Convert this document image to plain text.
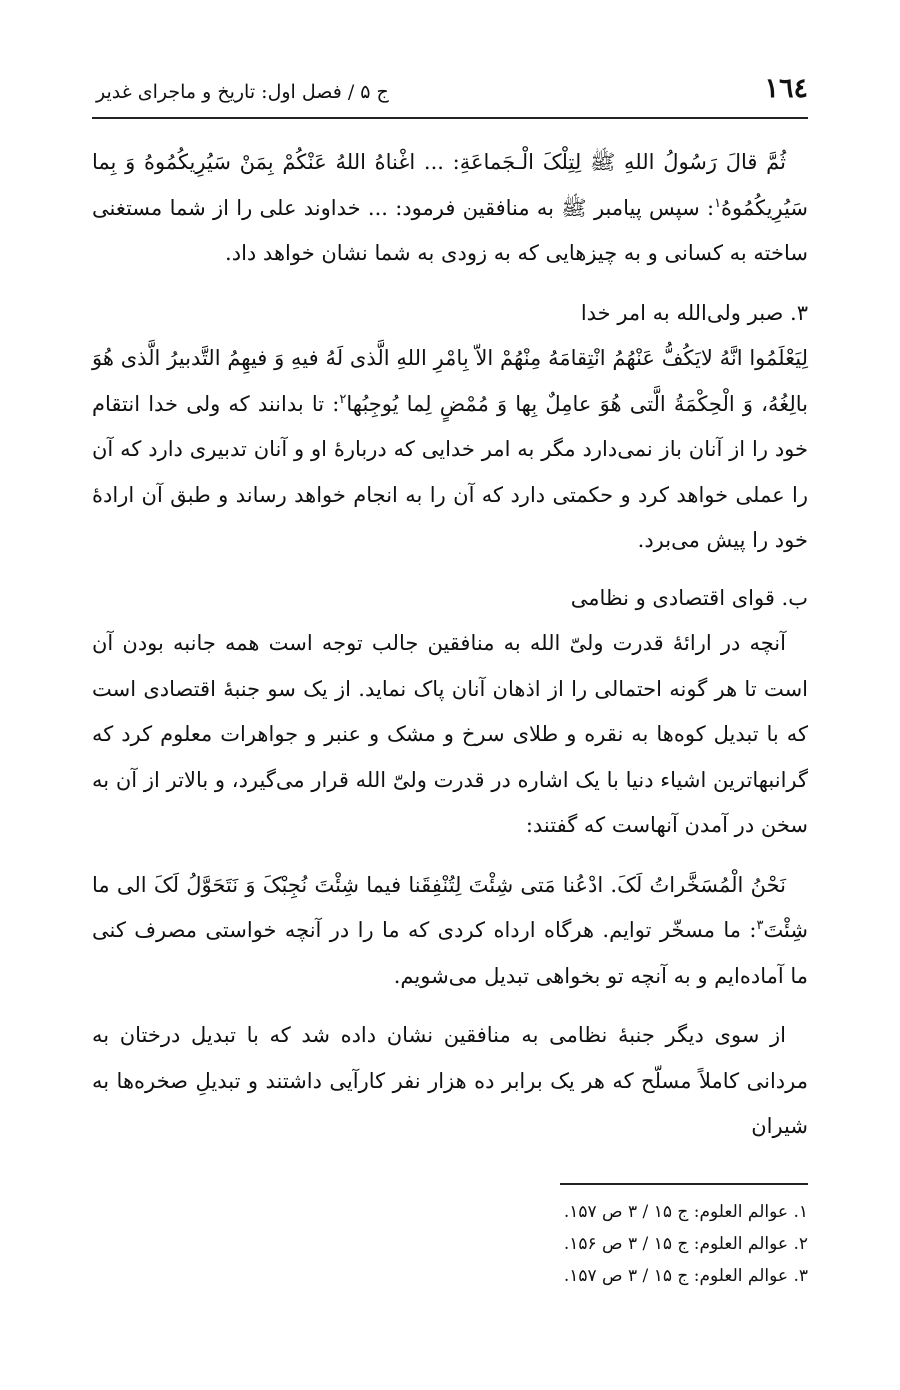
١٦٤
ج ۵ / فصل اول: تاریخ و ماجرای غدیر

ثُمَّ قالَ رَسُولُ اللهِ ﷺ لِتِلْکَ الْـجَماعَةِ: ... اغْناهُ اللهُ عَنْکُمْ بِمَنْ سَیُرِیکُمُوهُ وَ بِما سَیُرِیکُمُوهُ$^۱$: سپس پیامبر ﷺ به منافقین فرمود: ... خداوند علی را از شما مستغنی ساخته به کسانی و به چیزهایی که به زودی به شما نشان خواهد داد.

۳. صبر ولی‌الله به امر خدا

لِیَعْلَمُوا انَّهُ لایَکُفُّ عَنْهُمُ انْتِقامَهُ مِنْهُمْ الاّ بِامْرِ اللهِ الَّذی لَهُ فیهِ وَ فیهِمُ التَّدبیرُ الَّذی هُوَ بالِغُهُ، وَ الْحِکْمَةُ الَّتی هُوَ عامِلٌ بِها وَ مُمْضٍ لِما یُوجِبُها$^۲$: تا بدانند که ولی خدا انتقام خود را از آنان باز نمی‌دارد مگر به امر خدایی که دربارهٔ او و آنان تدبیری دارد که آن را عملی خواهد کرد و حکمتی دارد که آن را به انجام خواهد رساند و طبق آن ارادهٔ خود را پیش می‌برد.

ب. قوای اقتصادی و نظامی

آنچه در ارائهٔ قدرت ولیّ الله به منافقین جالب توجه است همه جانبه بودن آن است تا هر گونه احتمالی را از اذهان آنان پاک نماید. از یک سو جنبهٔ اقتصادی است که با تبدیل کوه‌ها به نقره و طلای سرخ و مشک و عنبر و جواهرات معلوم کرد که گرانبهاترین اشیاء دنیا با یک اشاره در قدرت ولیّ الله قرار می‌گیرد، و بالاتر از آن به سخن در آمدن آنهاست که گفتند:

نَحْنُ الْمُسَخَّراتُ لَکَ. ادْعُنا مَتی شِئْتَ لِتُنْفِقَنا فیما شِئْتَ نُجِبْکَ وَ نَتَحَوَّلُ لَکَ الی ما شِئْتَ$^۳$: ما مسخّر توایم. هرگاه ارداه کردی که ما را در آنچه خواستی مصرف کنی ما آماده‌ایم و به آنچه تو بخواهی تبدیل می‌شویم.

از سوی دیگر جنبهٔ نظامی به منافقین نشان داده شد که با تبدیل درختان به مردانی کاملاً مسلّح که هر یک برابر ده هزار نفر کارآیی داشتند و تبدیلِ صخره‌ها به شیران

۱. عوالم العلوم: ج ۱۵ / ۳ ص ۱۵۷.
۲. عوالم العلوم: ج ۱۵ / ۳ ص ۱۵۶.
۳. عوالم العلوم: ج ۱۵ / ۳ ص ۱۵۷.
